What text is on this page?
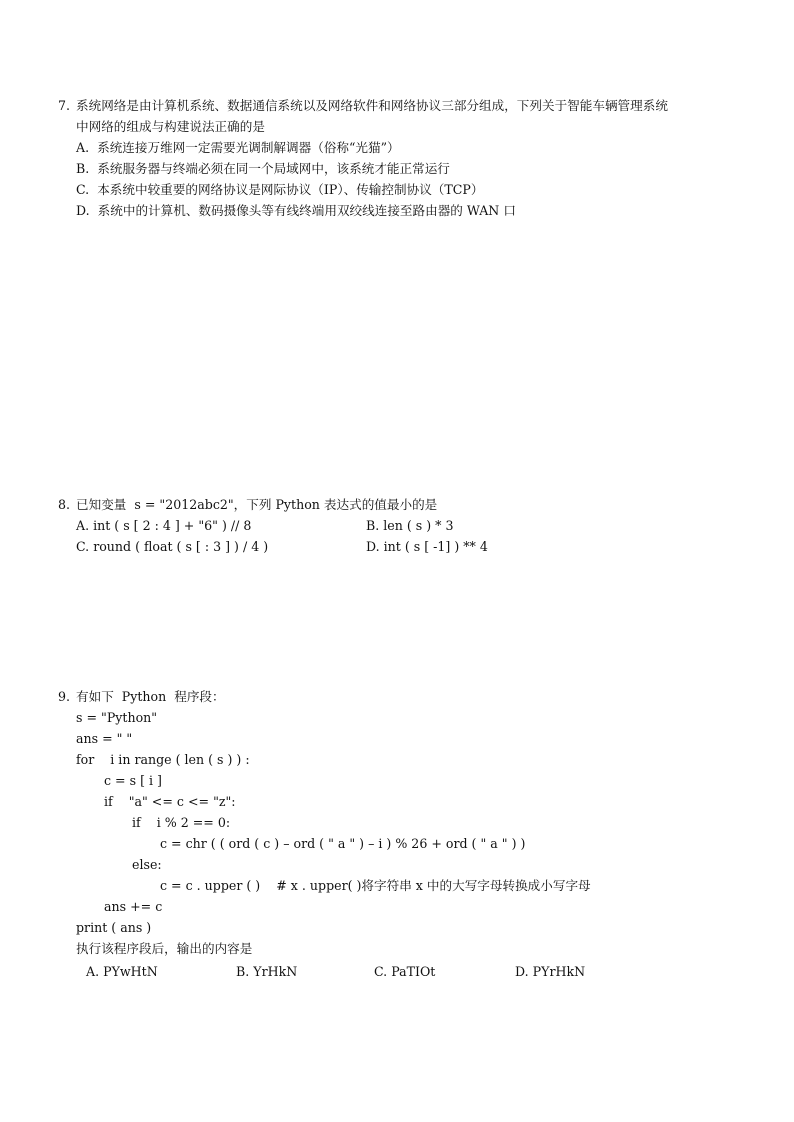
7. 系统网络是由计算机系统、数据通信系统以及网络软件和网络协议三部分组成，下列关于智能车辆管理系统
中网络的组成与构建说法正确的是
A.  系统连接万维网一定需要光调制解调器（俗称“光猫”）
B.  系统服务器与终端必须在同一个局域网中，该系统才能正常运行
C.  本系统中较重要的网络协议是网际协议（IP）、传输控制协议（TCP）
D.  系统中的计算机、数码摄像头等有线终端用双绞线连接至路由器的 WAN 口
8. 已知变量  s = "2012abc2"，下列 Python 表达式的值最小的是
A. int ( s [ 2 : 4 ] + "6" ) // 8	B. len ( s ) * 3
C. round ( float ( s [ : 3 ] ) / 4 )	D. int ( s [ -1] ) ** 4
9. 有如下  Python  程序段：
s = "Python"
ans = " "
for    i in range ( len ( s ) ) :
c = s [ i ]
if    "a" <= c <= "z":
if    i % 2 == 0:
c = chr ( ( ord ( c ) – ord ( " a " ) – i ) % 26 + ord ( " a " ) )
else:
c = c . upper ( )    # x . upper( )将字符串 x 中的大写字母转换成小写字母
ans += c
print ( ans )
执行该程序段后，输出的内容是
A. PYwHtN	B. YrHkN	C. PaTIOt	D. PYrHkN
